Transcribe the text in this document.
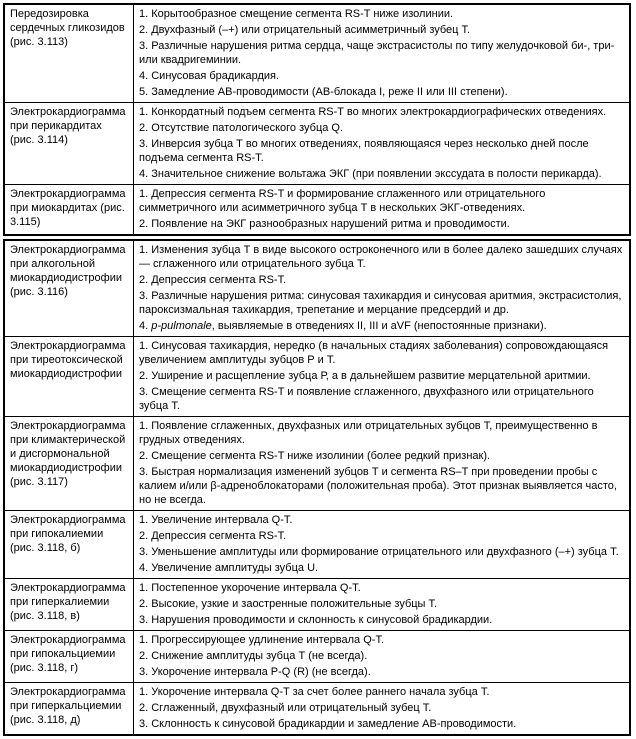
Передозировка сердечных гликозидов (рис. 3.113)	1. Корытообразное смещение сегмента RS-T ниже изолинии.

2. Двухфазный (–+) или отрицательный асимметричный зубец Т.

3. Различные нарушения ритма сердца, чаще экстрасистолы по типу желудочковой би-, три- или квадригеминии.

4. Синусовая брадикардия.

5. Замедление АВ-проводимости (АВ-блокада I, реже II или III степени).

Электрокардиограмма при перикардитах (рис. 3.114)	1. Конкордатный подъем сегмента RS-T во многих электрокардиографических отведениях.

2. Отсутствие патологического зубца Q.

3. Инверсия зубца Т во многих отведениях, появляющаяся через несколько дней после подъема сегмента RS-T.

4. Значительное снижение вольтажа ЭКГ (при появлении экссудата в полости перикарда).

Электрокардиограмма при миокардитах (рис. 3.115)	1. Депрессия сегмента RS-T и формирование сглаженного или отрицательного симметричного или асимметричного зубца Т в нескольких ЭКГ-отведениях.

2. Появление на ЭКГ разнообразных нарушений ритма и проводимости.

Электрокардиограмма при алкогольной миокардиодистрофии (рис. 3.116)	1. Изменения зубца Т в виде высокого остроконечного или в более далеко зашедших случаях — сглаженного или отрицательного зубца Т.

2. Депрессия сегмента RS-T.

3. Различные нарушения ритма: синусовая тахикардия и синусовая аритмия, экстрасистолия, пароксизмальная тахикардия, трепетание и мерцание предсердий и др.

4. p-pulmonale, выявляемые в отведениях II, III и aVF (непостоянные признаки).

Электрокардиограмма при тиреотоксической миокардиодистрофии	1. Синусовая тахикардия, нередко (в начальных стадиях заболевания) сопровождающаяся увеличением амплитуды зубцов Р и Т.

2. Уширение и расщепление зубца Р, а в дальнейшем развитие мерцательной аритмии.

3. Смещение сегмента RS-T и появление сглаженного, двухфазного или отрицательного зубца Т.

Электрокардиограмма при климактерической и дисгормональной миокардиодистрофии (рис. 3.117)	1. Появление сглаженных, двухфазных или отрицательных зубцов Т, преимущественно в грудных отведениях.

2. Смещение сегмента RS-T ниже изолинии (более редкий признак).

3. Быстрая нормализация изменений зубцов Т и сегмента RS–T при проведении пробы с калием и/или β-адреноблокаторами (положительная проба). Этот признак выявляется часто, но не всегда.

Электрокардиограмма при гипокалиемии (рис. 3.118, б)	1. Увеличение интервала Q-T.

2. Депрессия сегмента RS-T.

3. Уменьшение амплитуды или формирование отрицательного или двухфазного (–+) зубца Т.

4. Увеличение амплитуды зубца U.

Электрокардиограмма при гиперкалиемии (рис. 3.118, в)	1. Постепенное укорочение интервала Q-T.

2. Высокие, узкие и заостренные положительные зубцы Т.

3. Нарушения проводимости и склонность к синусовой брадикардии.

Электрокардиограмма при гипокальциемии (рис. 3.118, г)	1. Прогрессирующее удлинение интервала Q-T.

2. Снижение амплитуды зубца Т (не всегда).

3. Укорочение интервала P-Q (R) (не всегда).

Электрокардиограмма при гиперкальциемии (рис. 3.118, д)	1. Укорочение интервала Q-T за счет более раннего начала зубца Т.

2. Сглаженный, двухфазный или отрицательный зубец Т.

3. Склонность к синусовой брадикардии и замедление АВ-проводимости.
